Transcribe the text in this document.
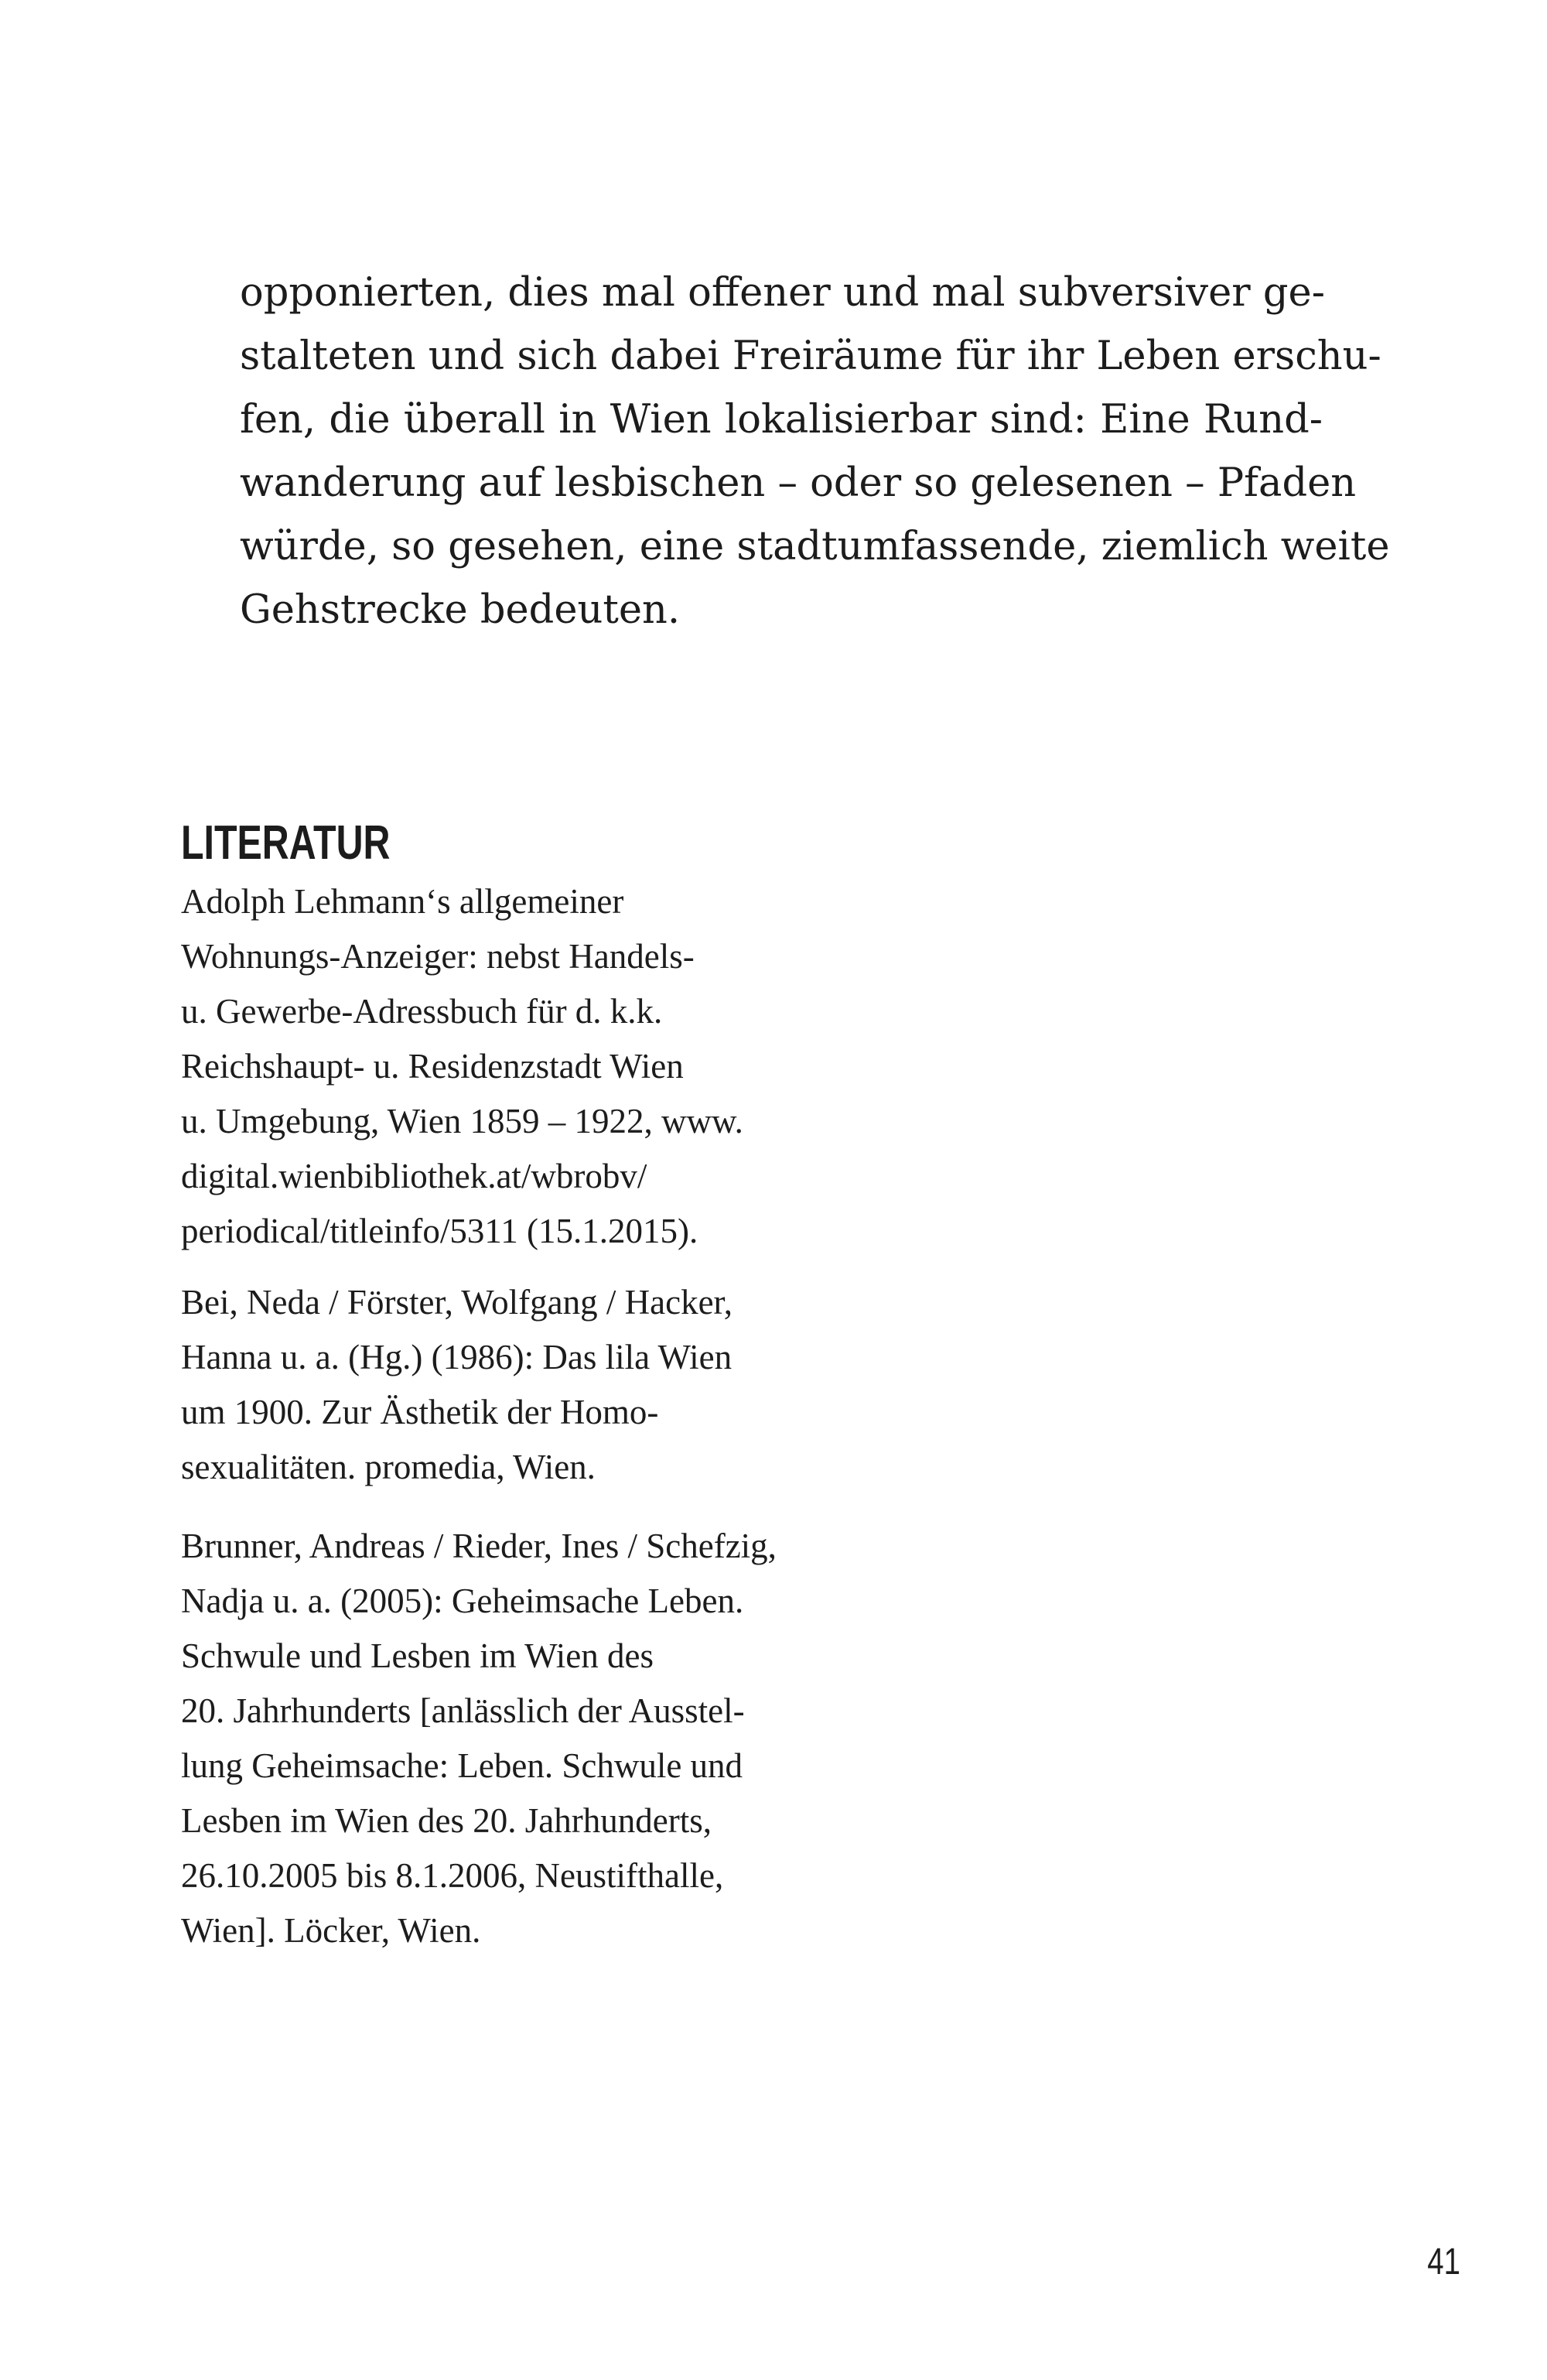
opponierten, dies mal offener und mal subversiver ge-
stalteten und sich dabei Freiräume für ihr Leben erschu-
fen, die überall in Wien lokalisierbar sind: Eine Rund-
wanderung auf lesbischen – oder so gelesenen – Pfaden
würde, so gesehen, eine stadtumfassende, ziemlich weite
Gehstrecke bedeuten.
LITERATUR
Adolph Lehmann‘s allgemeiner
Wohnungs-Anzeiger: nebst Handels-
u. Gewerbe-Adressbuch für d. k.k.
Reichshaupt- u. Residenzstadt Wien
u. Umgebung, Wien 1859 – 1922, www.
digital.wienbibliothek.at/wbrobv/
periodical/titleinfo/5311 (15.1.2015).
Bei, Neda / Förster, Wolfgang / Hacker,
Hanna u. a. (Hg.) (1986): Das lila Wien
um 1900. Zur Ästhetik der Homo-
sexualitäten. promedia, Wien.
Brunner, Andreas / Rieder, Ines / Schefzig,
Nadja u. a. (2005): Geheimsache Leben.
Schwule und Lesben im Wien des
20. Jahrhunderts [anlässlich der Ausstel-
lung Geheimsache: Leben. Schwule und
Lesben im Wien des 20. Jahrhunderts,
26.10.2005 bis 8.1.2006, Neustifthalle,
Wien]. Löcker, Wien.
41
